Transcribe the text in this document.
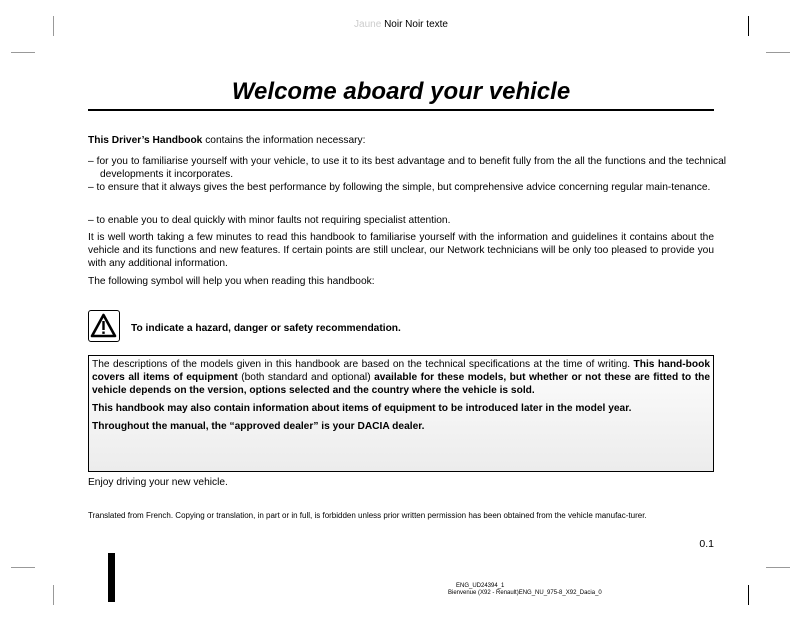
Jaune Noir Noir texte
Welcome aboard your vehicle
This Driver’s Handbook contains the information necessary:
– for you to familiarise yourself with your vehicle, to use it to its best advantage and to benefit fully from the all the functions and the technical developments it incorporates.
– to ensure that it always gives the best performance by following the simple, but comprehensive advice concerning regular main-tenance.
– to enable you to deal quickly with minor faults not requiring specialist attention.
It is well worth taking a few minutes to read this handbook to familiarise yourself with the information and guidelines it contains about the vehicle and its functions and new features. If certain points are still unclear, our Network technicians will be only too pleased to provide you with any additional information.
The following symbol will help you when reading this handbook:
To indicate a hazard, danger or safety recommendation.

The descriptions of the models given in this handbook are based on the technical specifications at the time of writing. This hand-book covers all items of equipment (both standard and optional) available for these models, but whether or not these are fitted to the vehicle depends on the version, options selected and the country where the vehicle is sold.

This handbook may also contain information about items of equipment to be introduced later in the model year.

Throughout the manual, the “approved dealer” is your DACIA dealer.

Enjoy driving your new vehicle.
Translated from French. Copying or translation, in part or in full, is forbidden unless prior written permission has been obtained from the vehicle manufac-turer.
0.1
ENG_UD24394_1
Bienvenue (X92 - Renault)ENG_NU_975-8_X92_Dacia_0
